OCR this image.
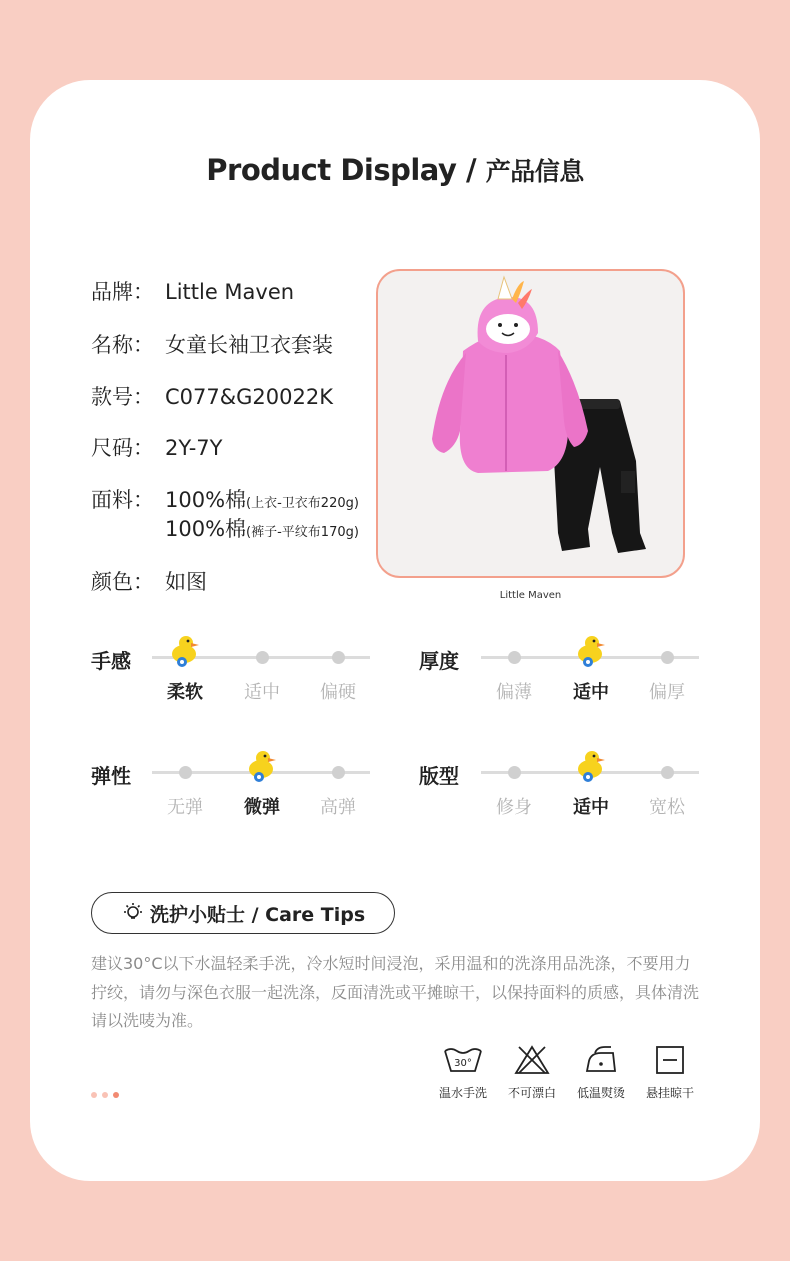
Product Display / 产品信息
品牌： Little Maven
名称： 女童长袖卫衣套装
款号： C077&G20022K
尺码： 2Y-7Y
面料： 100%棉(上衣-卫衣布220g)
100%棉(裤子-平纹布170g)
颜色： 如图
Little Maven
手感
柔软	适中	偏硬
厚度
偏薄	适中	偏厚
弹性
无弹	微弹	高弹
版型
修身	适中	宽松
洗护小贴士 / Care Tips
建议30°C以下水温轻柔手洗，冷水短时间浸泡，采用温和的洗涤用品洗涤，不要用力拧绞，请勿与深色衣服一起洗涤，反面清洗或平摊晾干，以保持面料的质感，具体清洗请以洗唛为准。
30°
温水手洗	不可漂白	低温熨烫	悬挂晾干
